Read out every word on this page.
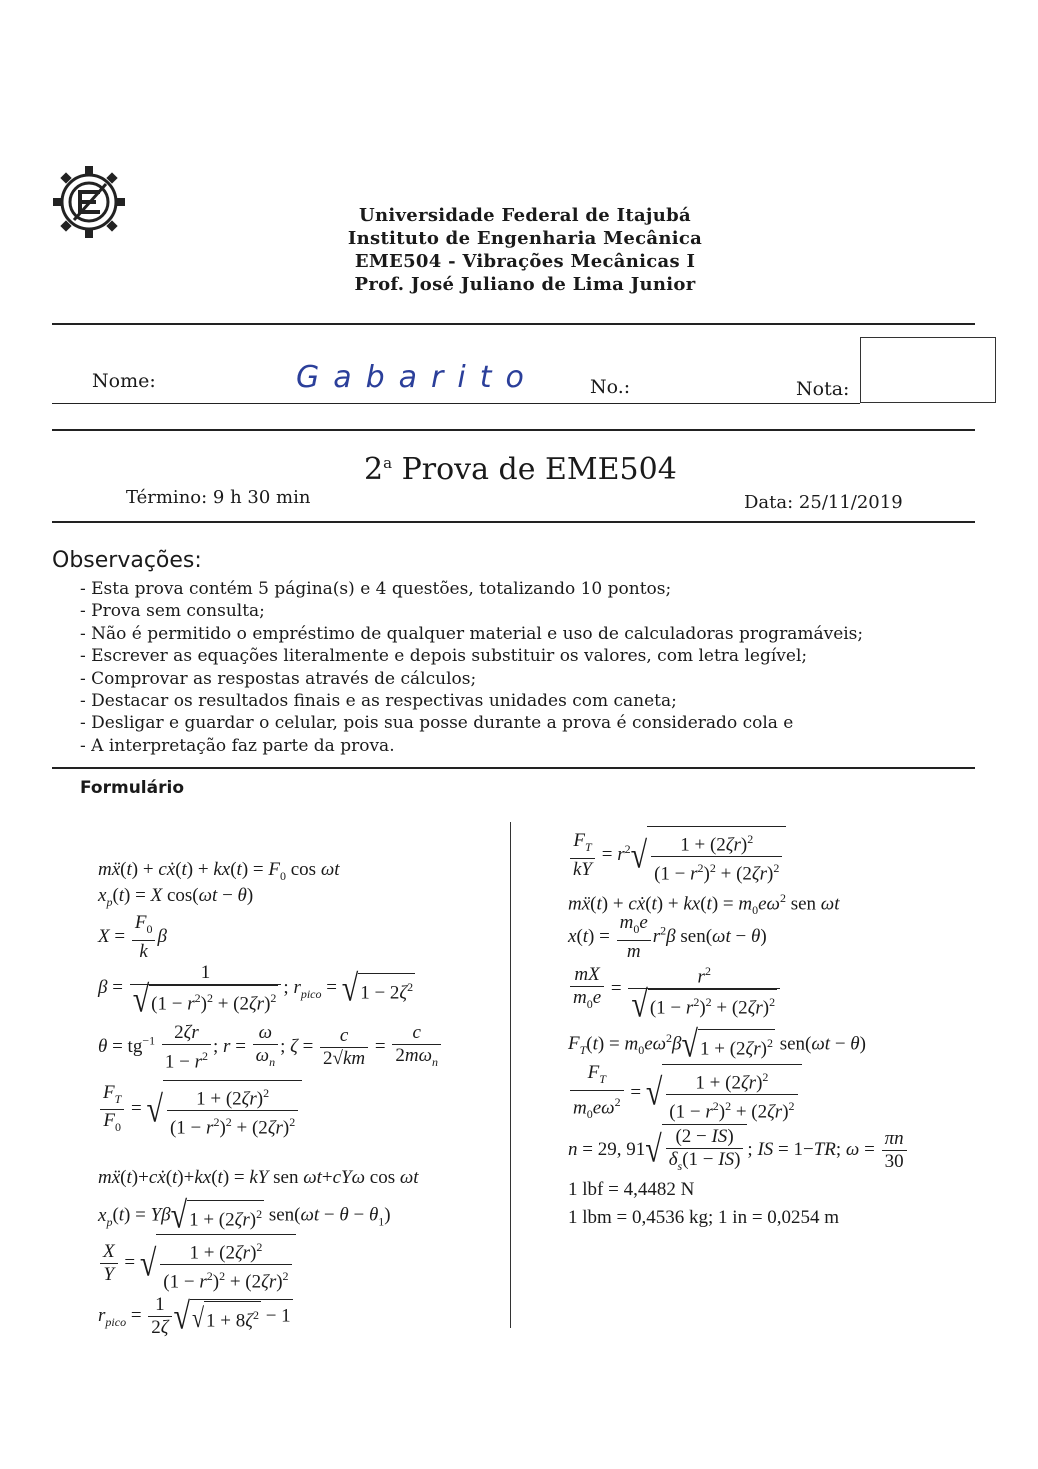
Universidade Federal de Itajubá
Instituto de Engenharia Mecânica
EME504 - Vibrações Mecânicas I
Prof. José Juliano de Lima Junior
Nome:	Gabarito	No.:	Nota:
2$^a$ Prova de EME504
Término: 9 h 30 min	Data: 25/11/2019
Observações:
- Esta prova contém 5 página(s) e 4 questões, totalizando 10 pontos;
- Prova sem consulta;
- Não é permitido o empréstimo de qualquer material e uso de calculadoras programáveis;
- Escrever as equações literalmente e depois substituir os valores, com letra legível;
- Comprovar as respostas através de cálculos;
- Destacar os resultados finais e as respectivas unidades com caneta;
- Desligar e guardar o celular, pois sua posse durante a prova é considerado cola e
- A interpretação faz parte da prova.
Formulário
mẍ(t) + cẋ(t) + $kx(t) = F_0$ cos ωt
$x_p(t) = X$ cos(ωt − θ)
$X = \frac{F_0}{k}$ β
$\beta = \frac{1}{√ (1 - r^2)^2 + (2\zeta r)^2}$ ; $r_{pico}$ = √ $1 - 2\zeta^2$
$\theta = tg^{-1} \frac{2\zeta r}{1 - r^2}$ ; $r = \frac{\omega}{\omega_n}$ ; $\zeta = \frac{c}{2√km} = \frac{c}{2m\omega_n}$
$\frac{F_T}{F_0}$ = √ $\frac{1 + (2\zeta r)^2}{(1 - r^2)^2 + (2\zeta r)^2}$
mẍ(t)+cẋ(t)+kx(t) = kY sen ωt+cYω cos ωt
$x_p(t) = Y\beta√$ $1 + (2\zeta r)^2$ $sen(\omega t - \theta - \theta_1)$
$\frac{X}{Y}$ = √ $\frac{1 + (2\zeta r)^2}{(1 - r^2)^2 + (2\zeta r)^2}$
$r_{pico} = \frac{1}{2\zeta}$ √√ $1 + 8\zeta^2 - 1$
$\frac{F_T}{kY} = r^2√ \frac{1 + (2\zeta r)^2}{(1 - r^2)^2 + (2\zeta r)^2}$
mẍ(t) + cẋ(t) + $kx(t) = m_0e\omega^2$ sen ωt
$x(t) = \frac{m_0e}{m} r^2\beta$ sen(ωt − θ)
$\frac{mX}{m_0e} = \frac{r^2}{√ (1 - r^2)^2 + (2\zeta r)^2}$
$F_T(t) = m_0e\omega^2\beta√$ $1 + (2\zeta r)^2$ sen(ωt − θ)
$\frac{F_T}{m_0e\omega^2}$ = √ $\frac{1 + (2\zeta r)^2}{(1 - r^2)^2 + (2\zeta r)^2}$
n = 29, $91√ \frac{(2 - IS)}{\delta_s(1 - IS)}$ ; IS = 1−TR; $\omega = \frac{\pi n}{30}$
1 lbf = 4,4482 N
1 lbm = 0,4536 kg; 1 in = 0,0254 m
